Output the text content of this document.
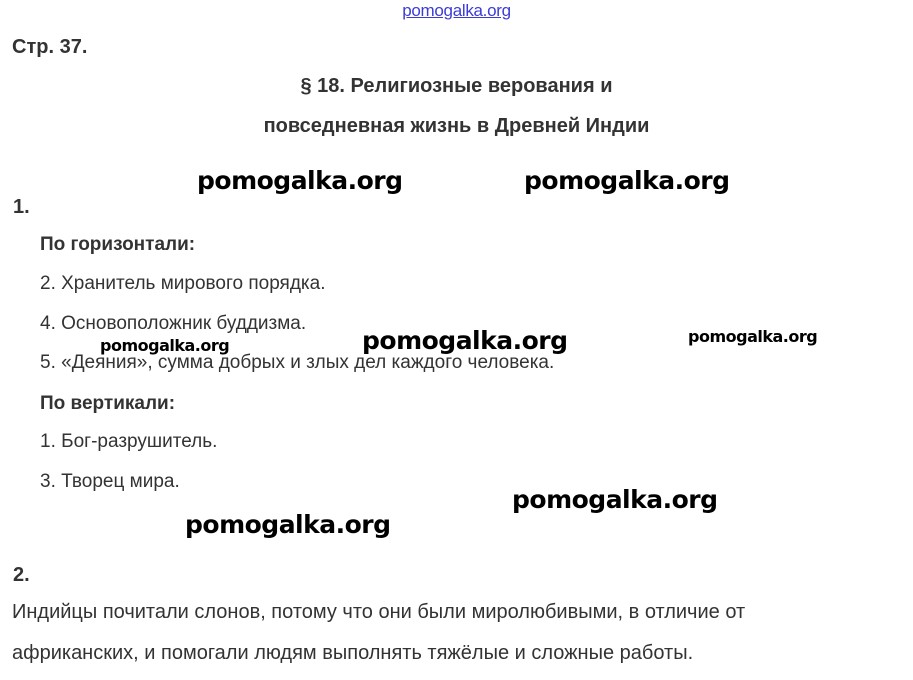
pomogalka.org
Стр. 37.
§ 18. Религиозные верования и
повседневная жизнь в Древней Индии
1.
По горизонтали:
2. Хранитель мирового порядка.
4. Основоположник буддизма.
5. «Деяния», сумма добрых и злых дел каждого человека.
По вертикали:
1. Бог-разрушитель.
3. Творец мира.
2.
Индийцы почитали слонов, потому что они были миролюбивыми, в отличие от
африканских, и помогали людям выполнять тяжёлые и сложные работы.
pomogalka.org	pomogalka.org
pomogalka.org
pomogalka.org	pomogalka.org
pomogalka.org
pomogalka.org
